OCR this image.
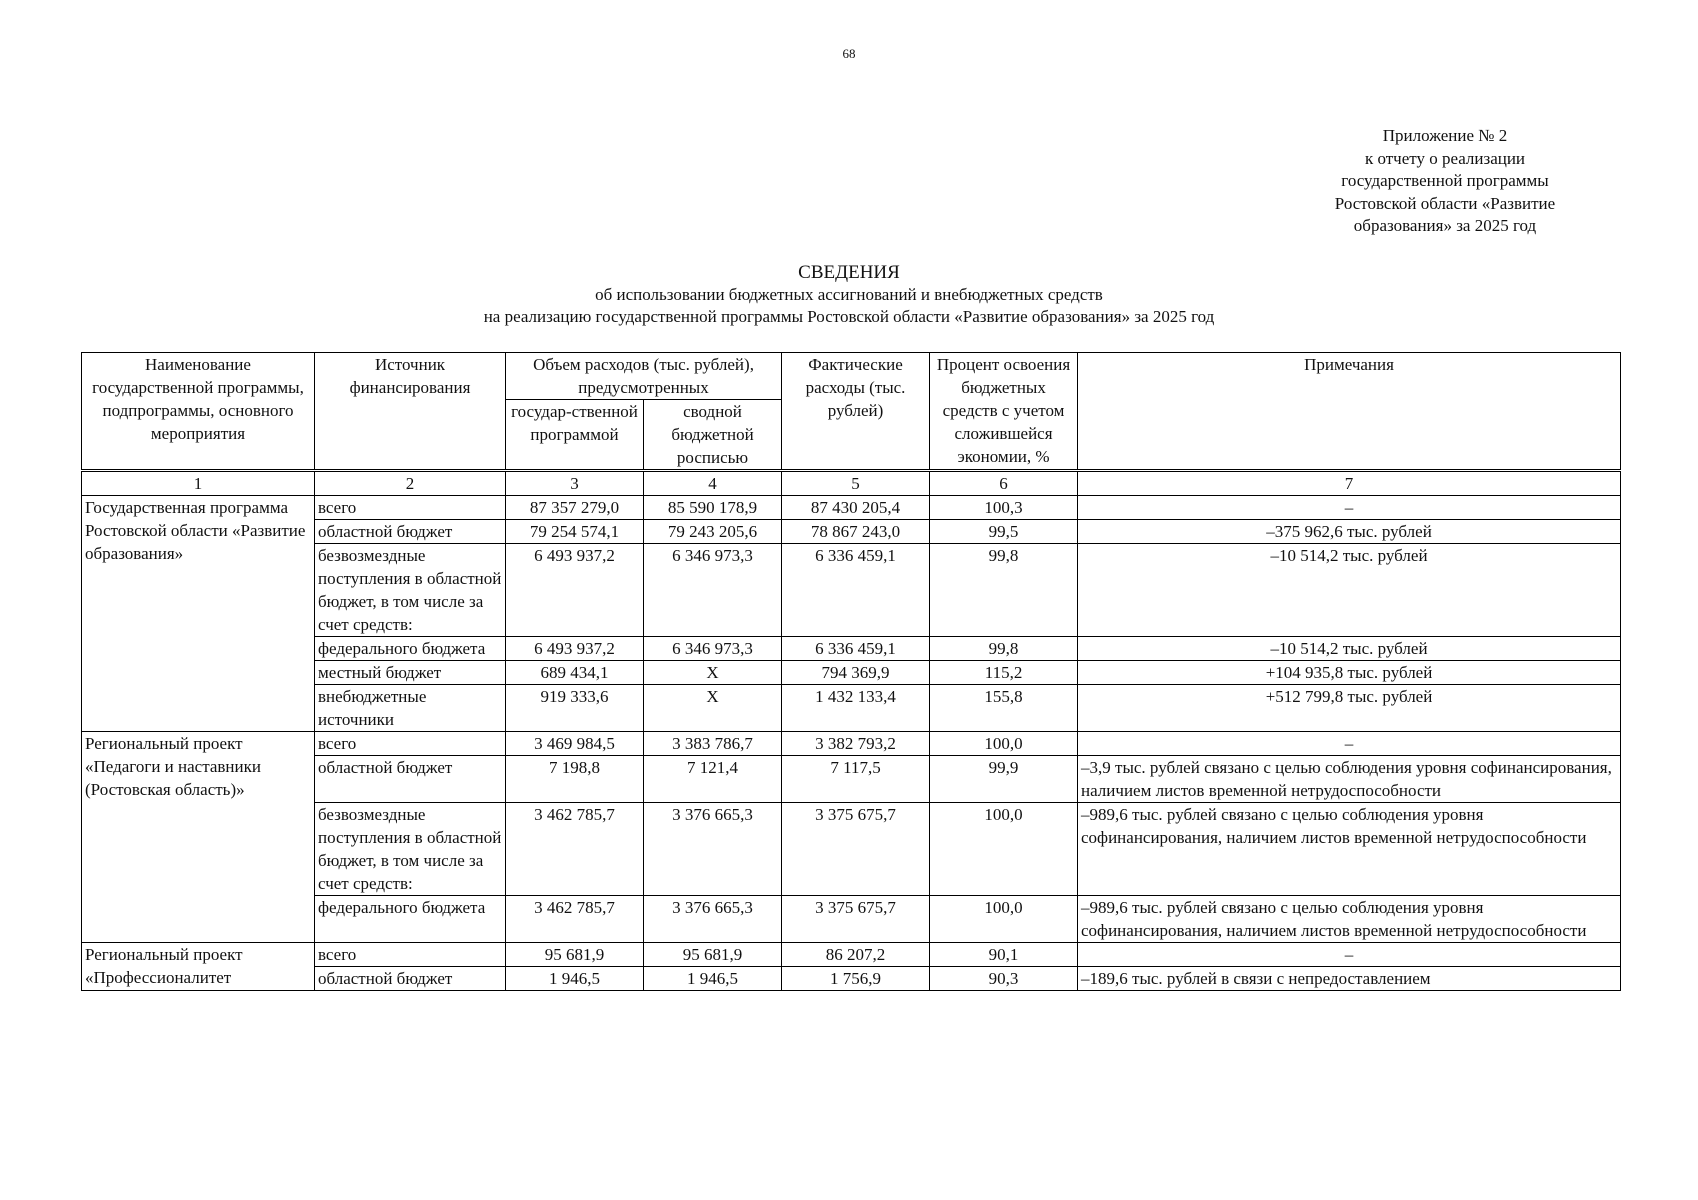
68
Приложение № 2
к отчету о реализации
государственной программы
Ростовской области «Развитие
образования» за 2025 год
СВЕДЕНИЯ
об использовании бюджетных ассигнований и внебюджетных средств
на реализацию государственной программы Ростовской области «Развитие образования» за 2025 год
Наименование государственной программы, подпрограммы, основного мероприятия	Источник финансирования	Объем расходов (тыс. рублей), предусмотренных		Фактические расходы (тыс. рублей)	Процент освоения бюджетных средств с учетом сложившейся экономии, %	Примечания
		государ-ственной программой	сводной бюджетной росписью			
1	2	3	4	5	6	7
Государственная программа Ростовской области «Развитие образования»	всего	87 357 279,0	85 590 178,9	87 430 205,4	100,3	–
	областной бюджет	79 254 574,1	79 243 205,6	78 867 243,0	99,5	–375 962,6 тыс. рублей
	безвозмездные поступления в областной бюджет, в том числе за счет средств:	6 493 937,2	6 346 973,3	6 336 459,1	99,8	–10 514,2 тыс. рублей
	федерального бюджета	6 493 937,2	6 346 973,3	6 336 459,1	99,8	–10 514,2 тыс. рублей
	местный бюджет	689 434,1	Х	794 369,9	115,2	+104 935,8 тыс. рублей
	внебюджетные источники	919 333,6	Х	1 432 133,4	155,8	+512 799,8 тыс. рублей
Региональный проект «Педагоги и наставники (Ростовская область)»	всего	3 469 984,5	3 383 786,7	3 382 793,2	100,0	–
	областной бюджет	7 198,8	7 121,4	7 117,5	99,9	–3,9 тыс. рублей связано с целью соблюдения уровня софинансирования, наличием листов временной нетрудоспособности
	безвозмездные поступления в областной бюджет, в том числе за счет средств:	3 462 785,7	3 376 665,3	3 375 675,7	100,0	–989,6 тыс. рублей связано с целью соблюдения уровня софинансирования, наличием листов временной нетрудоспособности
	федерального бюджета	3 462 785,7	3 376 665,3	3 375 675,7	100,0	–989,6 тыс. рублей связано с целью соблюдения уровня софинансирования, наличием листов временной нетрудоспособности
Региональный проект «Профессионалитет	всего	95 681,9	95 681,9	86 207,2	90,1	–
	областной бюджет	1 946,5	1 946,5	1 756,9	90,3	–189,6 тыс. рублей в связи с непредоставлением
